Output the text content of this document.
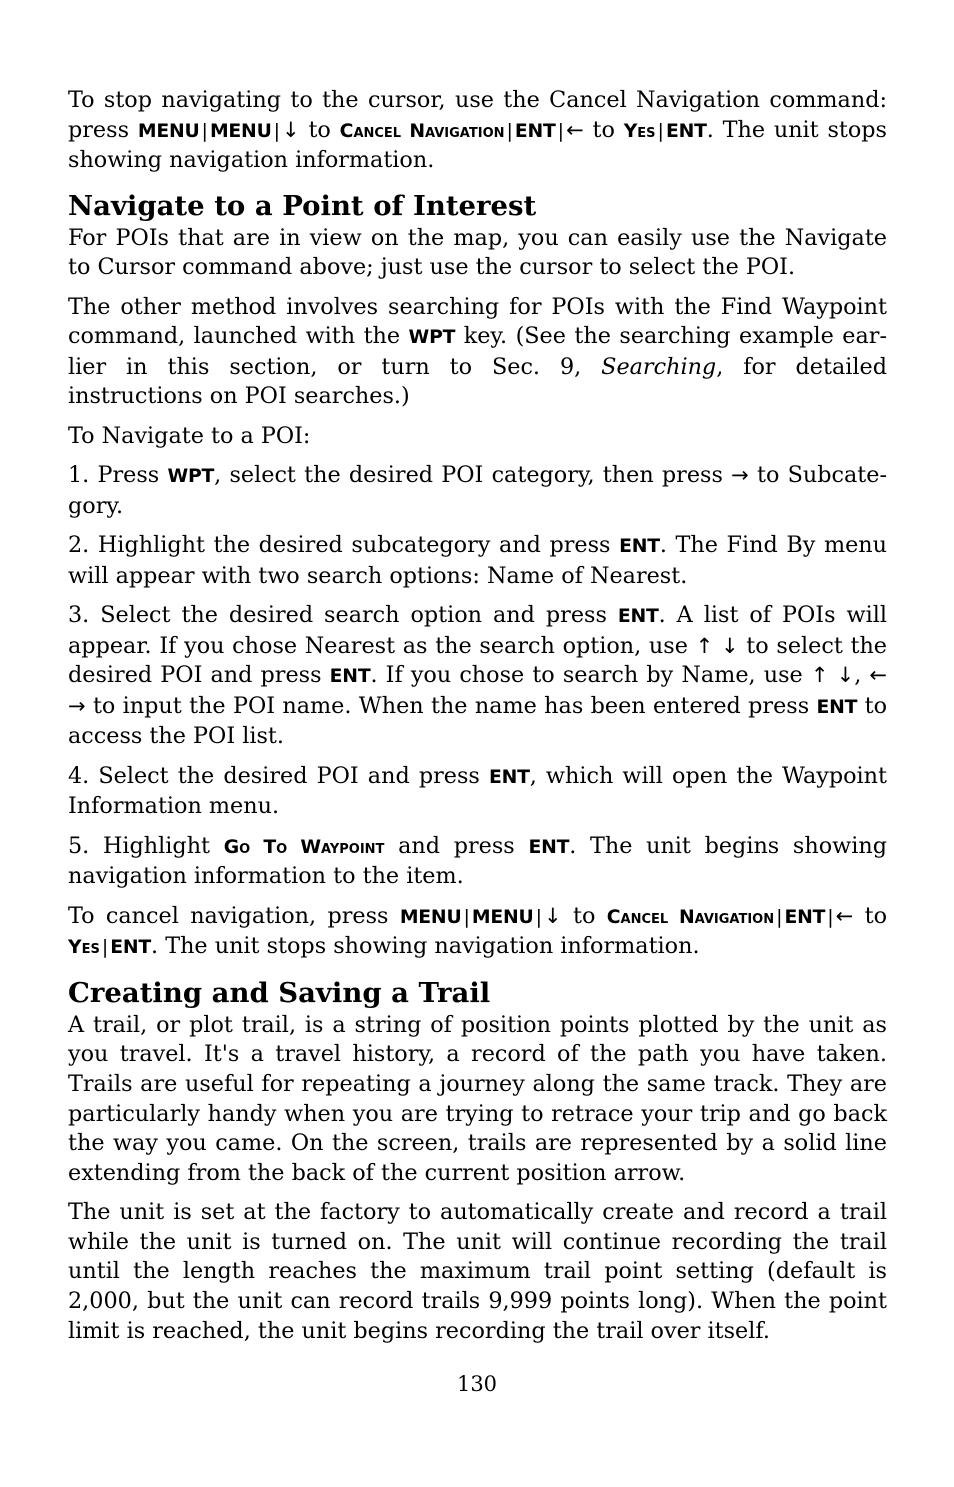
To stop navigating to the cursor, use the Cancel Navigation command: press MENU | MENU |↓ to Cancel Navigation | ENT |← to Yes | ENT. The unit stops showing navigation information.

Navigate to a Point of Interest

For POIs that are in view on the map, you can easily use the Navigate to Cursor command above; just use the cursor to select the POI.

The other method involves searching for POIs with the Find Waypoint command, launched with the WPT key. (See the searching example earlier in this section, or turn to Sec. 9, Searching, for detailed instructions on POI searches.)

To Navigate to a POI:

1. Press WPT, select the desired POI category, then press → to Subcategory.

2. Highlight the desired subcategory and press ENT. The Find By menu will appear with two search options: Name of Nearest.

3. Select the desired search option and press ENT. A list of POIs will appear. If you chose Nearest as the search option, use ↑ ↓ to select the desired POI and press ENT. If you chose to search by Name, use ↑ ↓, ← → to input the POI name. When the name has been entered press ENT to access the POI list.

4. Select the desired POI and press ENT, which will open the Waypoint Information menu.

5. Highlight Go To Waypoint and press ENT. The unit begins showing navigation information to the item.

To cancel navigation, press MENU | MENU |↓ to Cancel Navigation | ENT |← to Yes | ENT. The unit stops showing navigation information.

Creating and Saving a Trail

A trail, or plot trail, is a string of position points plotted by the unit as you travel. It's a travel history, a record of the path you have taken. Trails are useful for repeating a journey along the same track. They are particularly handy when you are trying to retrace your trip and go back the way you came. On the screen, trails are represented by a solid line extending from the back of the current position arrow.

The unit is set at the factory to automatically create and record a trail while the unit is turned on. The unit will continue recording the trail until the length reaches the maximum trail point setting (default is 2,000, but the unit can record trails 9,999 points long). When the point limit is reached, the unit begins recording the trail over itself.

130
